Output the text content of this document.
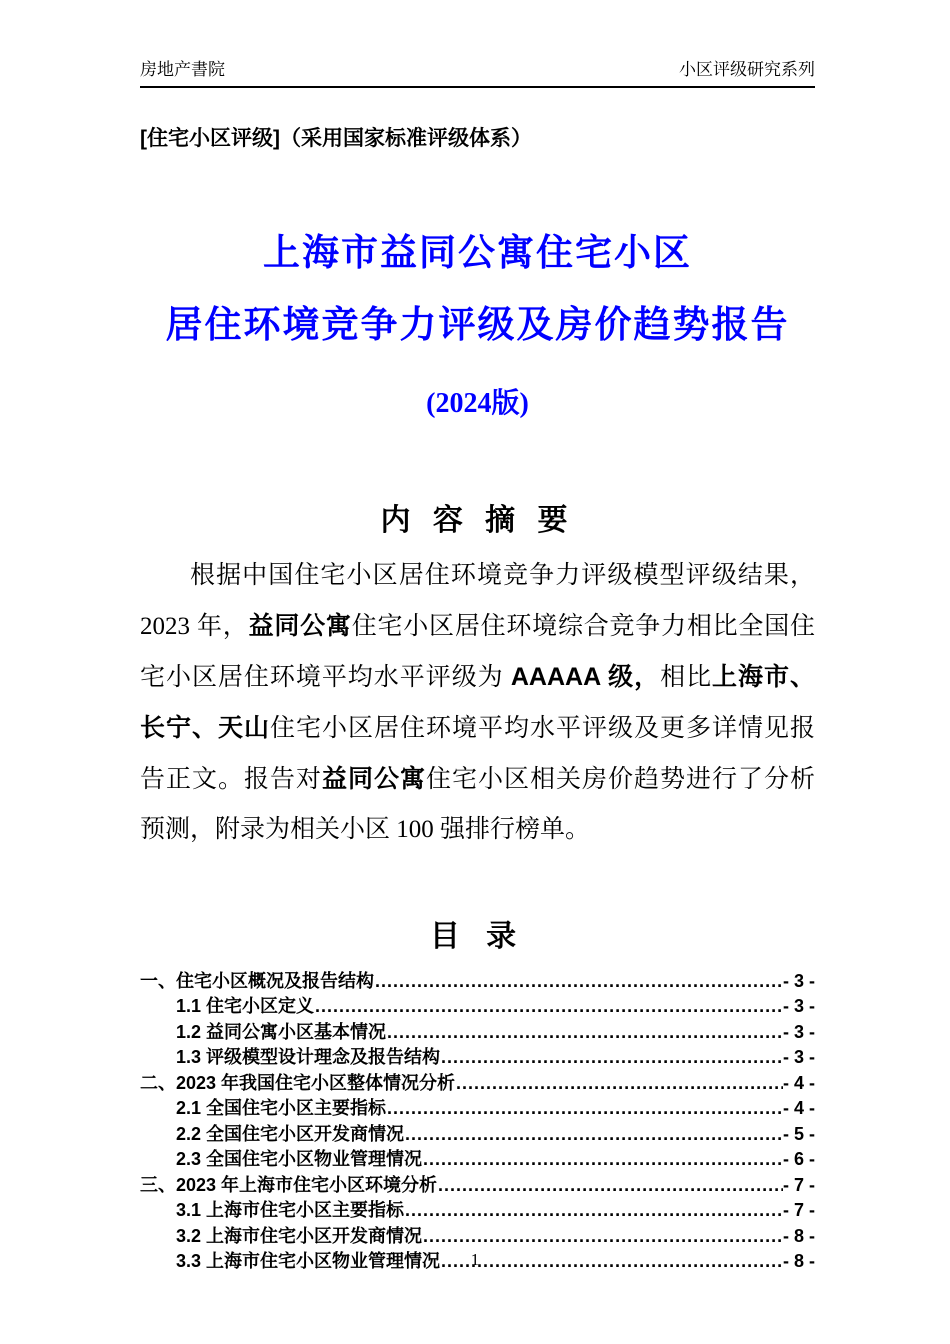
房地产書院	小区评级研究系列
[住宅小区评级]（采用国家标准评级体系）
上海市益同公寓住宅小区
居住环境竞争力评级及房价趋势报告
(2024版)
内 容 摘 要
根据中国住宅小区居住环境竞争力评级模型评级结果，2023 年，益同公寓住宅小区居住环境综合竞争力相比全国住宅小区居住环境平均水平评级为 AAAAA 级，相比上海市、长宁、天山住宅小区居住环境平均水平评级及更多详情见报告正文。报告对益同公寓住宅小区相关房价趋势进行了分析预测，附录为相关小区 100 强排行榜单。
目 录
一、住宅小区概况及报告结构 .....	- 3 -
1.1 住宅小区定义 .....	- 3 -
1.2 益同公寓小区基本情况 .....	- 3 -
1.3 评级模型设计理念及报告结构 .....	- 3 -
二、2023 年我国住宅小区整体情况分析 .....	- 4 -
2.1 全国住宅小区主要指标 .....	- 4 -
2.2 全国住宅小区开发商情况 .....	- 5 -
2.3 全国住宅小区物业管理情况 .....	- 6 -
三、2023 年上海市住宅小区环境分析 .....	- 7 -
3.1 上海市住宅小区主要指标 .....	- 7 -
3.2 上海市住宅小区开发商情况 .....	- 8 -
3.3 上海市住宅小区物业管理情况 .....	- 8 -
1
